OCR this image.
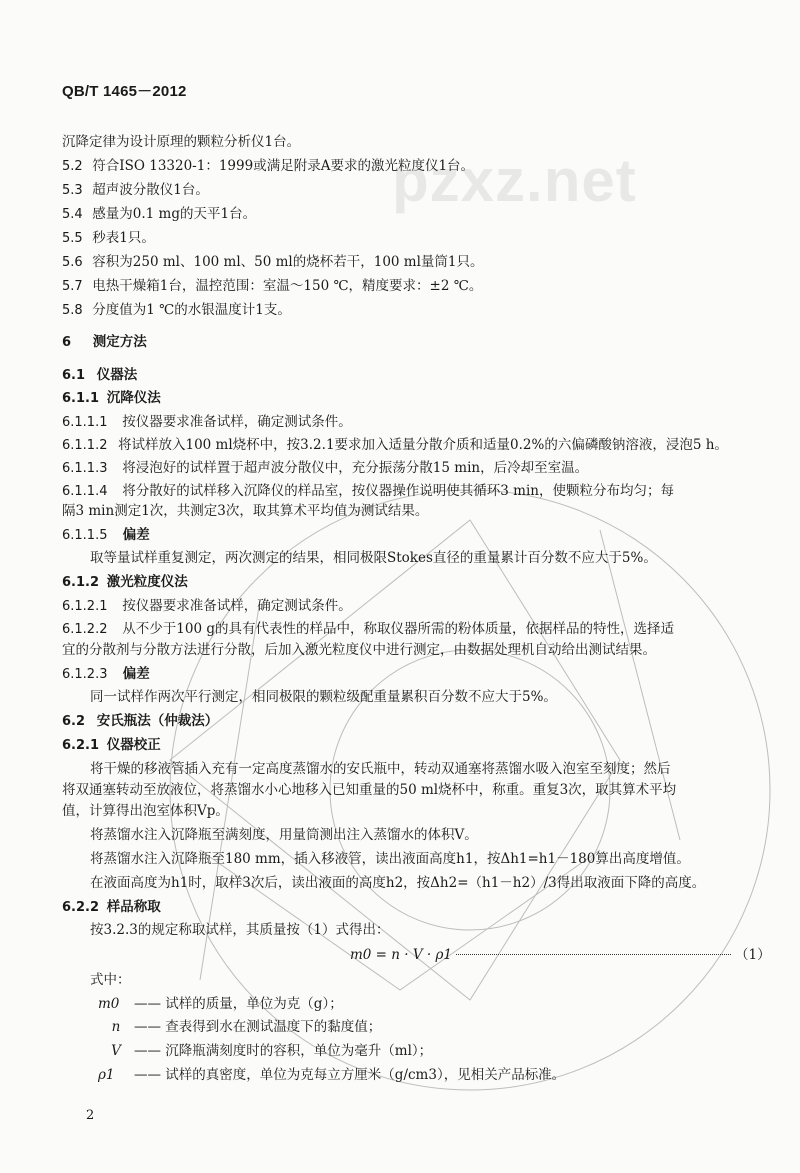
pzxz.net
QB/T 1465－2012
沉降定律为设计原理的颗粒分析仪1台。
5.2 符合ISO 13320-1：1999或满足附录A要求的激光粒度仪1台。
5.3 超声波分散仪1台。
5.4 感量为0.1 mg的天平1台。
5.5 秒表1只。
5.6 容积为250 ml、100 ml、50 ml的烧杯若干，100 ml量筒1只。
5.7 电热干燥箱1台，温控范围：室温～150 ℃，精度要求：±2 ℃。
5.8 分度值为1 ℃的水银温度计1支。
6 测定方法
6.1 仪器法
6.1.1 沉降仪法
6.1.1.1 按仪器要求准备试样，确定测试条件。
6.1.1.2 将试样放入100 ml烧杯中，按3.2.1要求加入适量分散介质和适量0.2%的六偏磷酸钠溶液，浸泡5 h。
6.1.1.3 将浸泡好的试样置于超声波分散仪中，充分振荡分散15 min，后冷却至室温。
6.1.1.4 将分散好的试样移入沉降仪的样品室，按仪器操作说明使其循环3 min，使颗粒分布均匀；每
隔3 min测定1次，共测定3次，取其算术平均值为测试结果。
6.1.1.5 偏差
取等量试样重复测定，两次测定的结果，相同极限Stokes直径的重量累计百分数不应大于5%。
6.1.2 激光粒度仪法
6.1.2.1 按仪器要求准备试样，确定测试条件。
6.1.2.2 从不少于100 g的具有代表性的样品中，称取仪器所需的粉体质量，依据样品的特性，选择适
宜的分散剂与分散方法进行分散，后加入激光粒度仪中进行测定，由数据处理机自动给出测试结果。
6.1.2.3 偏差
同一试样作两次平行测定，相同极限的颗粒级配重量累积百分数不应大于5%。
6.2 安氏瓶法（仲裁法）
6.2.1 仪器校正
将干燥的移液管插入充有一定高度蒸馏水的安氏瓶中，转动双通塞将蒸馏水吸入泡室至刻度；然后
将双通塞转动至放液位，将蒸馏水小心地移入已知重量的50 ml烧杯中，称重。重复3次，取其算术平均
值，计算得出泡室体积Vp。
将蒸馏水注入沉降瓶至满刻度，用量筒测出注入蒸馏水的体积V。
将蒸馏水注入沉降瓶至180 mm，插入移液管，读出液面高度h1，按Δh1=h1－180算出高度增值。
在液面高度为h1时，取样3次后，读出液面的高度h2，按Δh2=（h1－h2）/3得出取液面下降的高度。
6.2.2 样品称取
按3.2.3的规定称取试样，其质量按（1）式得出：
m0 = n · V · ρ1	（1）
式中：
m0 —— 试样的质量，单位为克（g）；
n —— 查表得到水在测试温度下的黏度值；
V —— 沉降瓶满刻度时的容积，单位为毫升（ml）；
ρ1 —— 试样的真密度，单位为克每立方厘米（g/cm3），见相关产品标准。
2
